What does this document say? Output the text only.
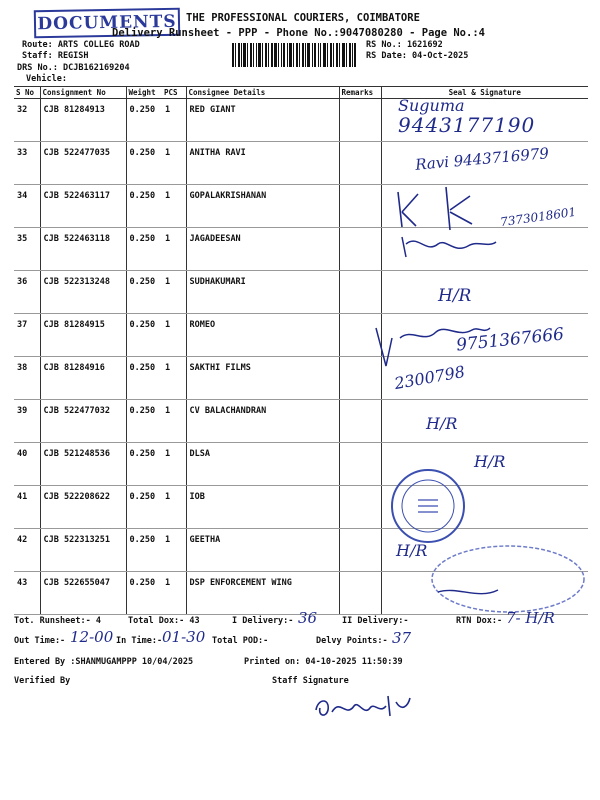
DOCUMENTS THE PROFESSIONAL COURIERS, COIMBATORE
Delivery Runsheet - PPP - Phone No.:9047080280 - Page No.:4
Route: ARTS COLLEG ROAD
Staff: REGISH
DRS No.: DCJB162169204
Vehicle:
RS No.: 1621692
RS Date: 04-Oct-2025
S No	Consignment No	Weight	PCS	Consignee Details	Remarks	Seal & Signature
32	CJB 81284913	0.250	1	RED GIANT		
33	CJB 522477035	0.250	1	ANITHA RAVI		
34	CJB 522463117	0.250	1	GOPALAKRISHANAN		
35	CJB 522463118	0.250	1	JAGADEESAN		
36	CJB 522313248	0.250	1	SUDHAKUMARI		
37	CJB 81284915	0.250	1	ROMEO		
38	CJB 81284916	0.250	1	SAKTHI FILMS		
39	CJB 522477032	0.250	1	CV BALACHANDRAN		
40	CJB 521248536	0.250	1	DLSA		
41	CJB 522208622	0.250	1	IOB		
42	CJB 522313251	0.250	1	GEETHA		
43	CJB 522655047	0.250	1	DSP ENFORCEMENT WING		
Suguma
9443177190
Ravi 9443716979
7373018601
H/R
9751367666
2300798
H/R
H/R
H/R
Tot. Runsheet:- 4	Total Dox:- 43	I Delivery:- 36	II Delivery:-	RTN Dox:- 7- H/R
Out Time:- 12-00 In Time:- 01-30 Total POD:-	Delvy Points:- 37
Entered By :SHANMUGAMPPP 10/04/2025	Printed on: 04-10-2025 11:50:39
Verified By	Staff Signature
